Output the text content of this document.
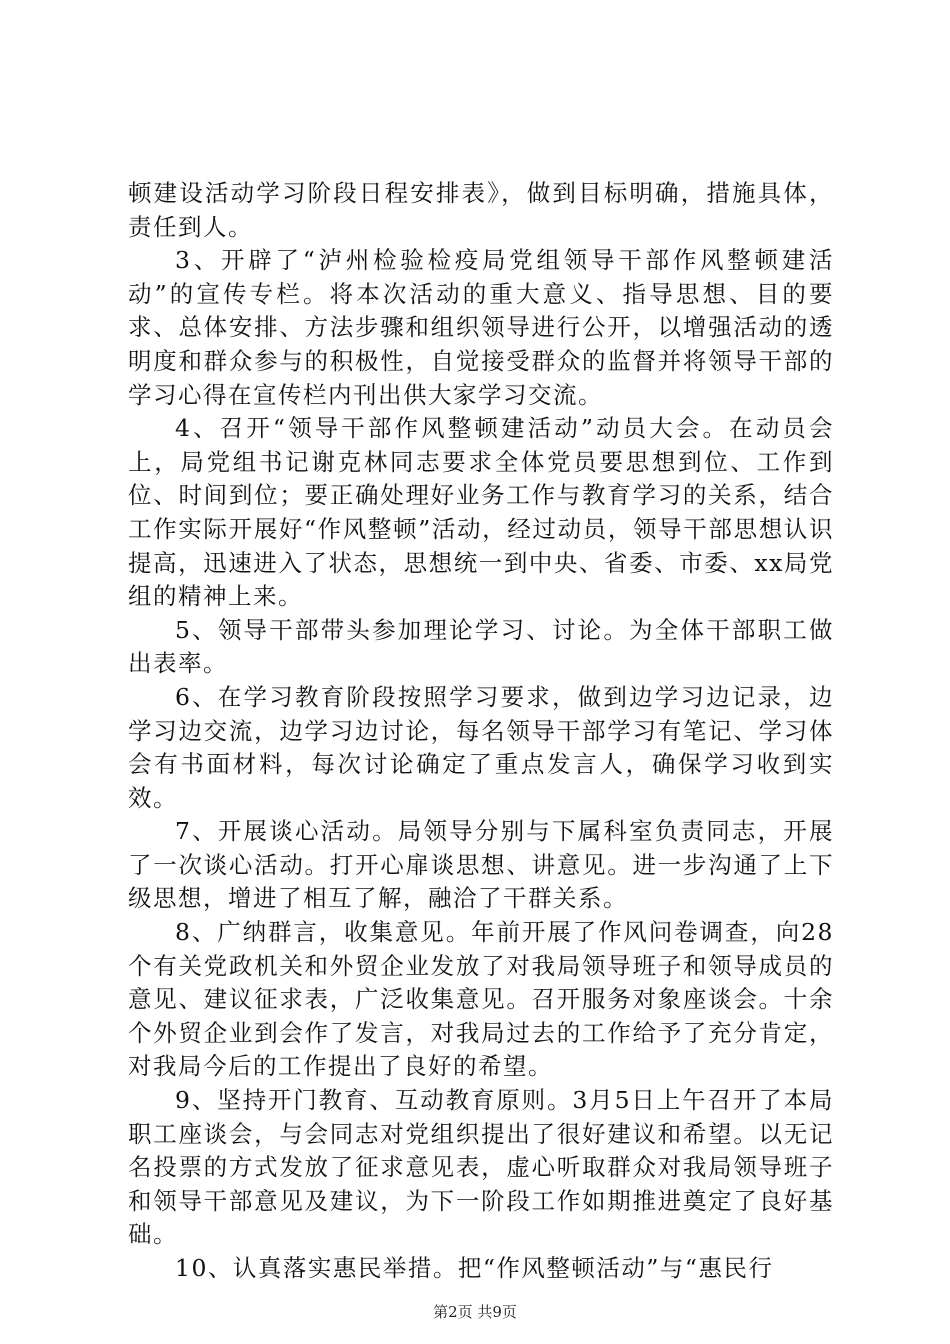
顿建设活动学习阶段日程安排表》，做到目标明确，措施具体，责任到人。

3、开辟了“泸州检验检疫局党组领导干部作风整顿建活动”的宣传专栏。将本次活动的重大意义、指导思想、目的要求、总体安排、方法步骤和组织领导进行公开，以增强活动的透明度和群众参与的积极性，自觉接受群众的监督并将领导干部的学习心得在宣传栏内刊出供大家学习交流。

4、召开“领导干部作风整顿建活动”动员大会。在动员会上，局党组书记谢克林同志要求全体党员要思想到位、工作到位、时间到位；要正确处理好业务工作与教育学习的关系，结合工作实际开展好“作风整顿”活动，经过动员，领导干部思想认识提高，迅速进入了状态，思想统一到中央、省委、市委、xx局党组的精神上来。

5、领导干部带头参加理论学习、讨论。为全体干部职工做出表率。

6、在学习教育阶段按照学习要求，做到边学习边记录，边学习边交流，边学习边讨论，每名领导干部学习有笔记、学习体会有书面材料，每次讨论确定了重点发言人，确保学习收到实效。

7、开展谈心活动。局领导分别与下属科室负责同志，开展了一次谈心活动。打开心扉谈思想、讲意见。进一步沟通了上下级思想，增进了相互了解，融洽了干群关系。

8、广纳群言，收集意见。年前开展了作风问卷调查，向28个有关党政机关和外贸企业发放了对我局领导班子和领导成员的意见、建议征求表，广泛收集意见。召开服务对象座谈会。十余个外贸企业到会作了发言，对我局过去的工作给予了充分肯定，对我局今后的工作提出了良好的希望。

9、坚持开门教育、互动教育原则。3月5日上午召开了本局职工座谈会，与会同志对党组织提出了很好建议和希望。以无记名投票的方式发放了征求意见表，虚心听取群众对我局领导班子和领导干部意见及建议，为下一阶段工作如期推进奠定了良好基础。

10、认真落实惠民举措。把“作风整顿活动”与“惠民行

第2页 共9页
